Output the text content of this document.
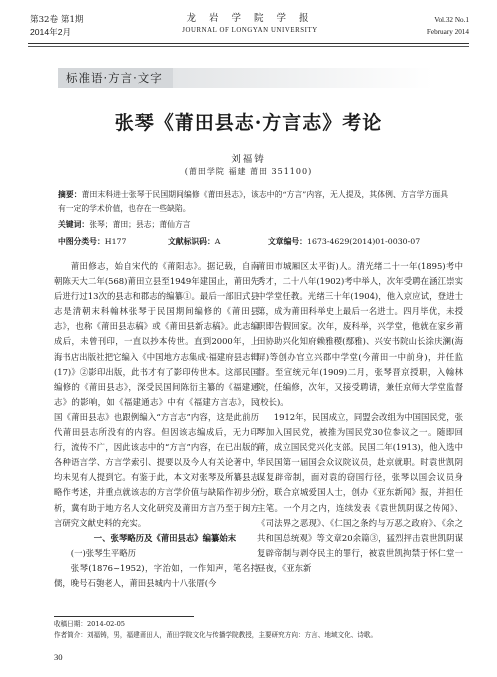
第32卷 第1期
2014年2月
龙 岩 学 院 学 报
JOURNAL OF LONGYAN UNIVERSITY
Vol.32 No.1
February 2014
标准语·方言·文字
张琴《莆田县志·方言志》考论
刘福铸
(莆田学院 福建 莆田 351100)
摘要：莆田末科进士张琴于民国期间编修《莆田县志》，该志中的“方言”内容，无人提及，其体例、方言学方面具有一定的学术价值，也存在一些缺陷。
关键词：张琴；莆田；县志；莆仙方言
中图分类号：H177	文献标识码：A	文章编号：1673-4629(2014)01-0030-07

莆田修志，始自宋代的《莆阳志》。据记载，自南朝陈天大二年(568)莆田立县至1949年建国止，莆田先后进行过13次的县志和郡志的编纂①。最后一部旧式县志是清朝末科翰林张琴于民国期间编修的《莆田县志》，也称《莆田县志稿》或《莆田县新志稿》。此志编成后，未曾刊印，一直以抄本传世。直到2000年，上海书店出版社把它编入《中国地方志集成·福建府县志辑(17)》②影印出版，此书才有了影印传世本。这部民国编修的《莆田县志》，深受民国间陈衍主纂的《福建通志》的影响，如《福建通志》中有《福建方言志》，民国《莆田县志》也跟例编入“方言志”内容，这是此前历代莆田县志所没有的内容。但因该志编成后，无力印行，流传不广，因此该志中的“方言”内容，在已出版的各种语言学、方言学索引、提要以及今人有关论著中，均未见有人提到它。有鉴于此，本文对张琴及所纂县志略作考述，并重点就该志的方言学价值与缺陷作初步分析，冀有助于地方名人文化研究及莆田方言乃至于闽方言研究文献史料的充实。

一、张琴略历及《莆田县志》编纂始末

(一)张琴生平略历

张琴(1876~1952)，字治如，一作知声，笔名持儒，晚号石匏老人，莆田县城内十八张厝(今

莆田市城厢区太平街)人。清光绪二十一年(1895)考中秀才，二十八年(1902)考中举人，次年受聘在涵江崇实中学堂任教。光绪三十年(1904)，他入京应试，登进士第，成为莆田科举史上最后一名进士。四月毕优，未授职即告假回家。次年，废科举，兴学堂，他就在家乡莆田协助兴化知府赖雅稷(鄢雅)、兴安书院山长涂庆澜(海屏)等创办官立兴郡中学堂(今莆田一中前身)，并任监督。至宣统元年(1909)二月，张琴晋京授职，入翰林院，任编修，次年，又接受聘请，兼任京师大学堂监督(校长)。

1912年，民国成立，同盟会改组为中国国民党，张琴加入国民党，被推为国民党30位参议之一。随即回莆，成立国民党兴化支部。民国二年(1913)，他入选中华民国第一届国会众议院议员，赴京就职。时袁世凯阴谋复辟帝制，面对袁的窃国行径，张琴以国会议员身份，联合京城爱国人士，创办《亚东新闻》报，并担任主笔。一个月之内，连续发表《袁世凯阴谋之传闻》、《司法界之恶现》、《仁国之条约与万恶之政府》、《余之共和国总统观》等文章20余篇③，猛烈抨击袁世凯阴谋复辟帝制与剥夺民主的罪行，被袁世凯拘禁于怀仁堂一昼夜，《亚东新

收稿日期：2014-02-05
作者简介：刘福铸，男，福建莆田人，莆田学院文化与传播学院教授，主要研究方向：方言、地域文化、诗歌。
30
